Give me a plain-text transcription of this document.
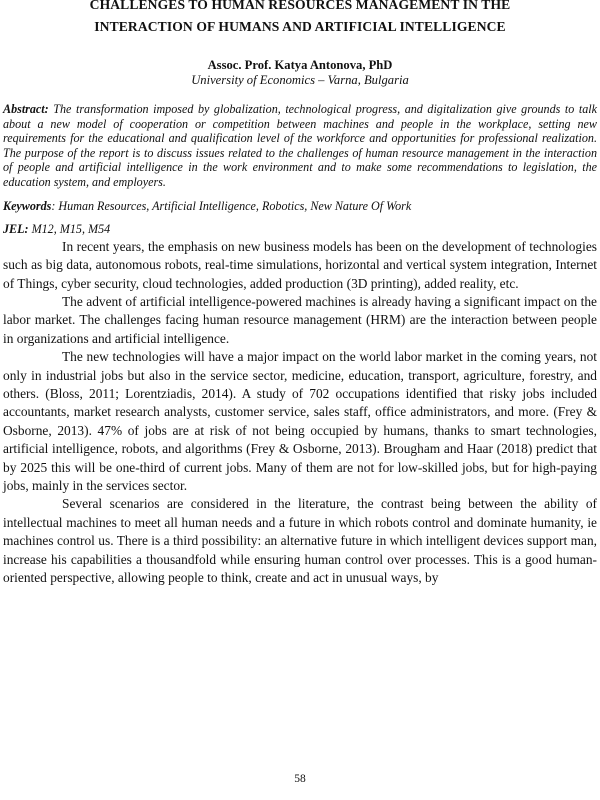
CHALLENGES TO HUMAN RESOURCES MANAGEMENT IN THE
INTERACTION OF HUMANS AND ARTIFICIAL INTELLIGENCE
Assoc. Prof. Katya Antonova, PhD
University of Economics – Varna, Bulgaria
Abstract: The transformation imposed by globalization, technological progress, and digitalization give grounds to talk about a new model of cooperation or competition between machines and people in the workplace, setting new requirements for the educational and qualification level of the workforce and opportunities for professional realization. The purpose of the report is to discuss issues related to the challenges of human resource management in the interaction of people and artificial intelligence in the work environment and to make some recommendations to legislation, the education system, and employers.
Keywords: Human Resources, Artificial Intelligence, Robotics, New Nature Of Work
JEL: M12, M15, M54

In recent years, the emphasis on new business models has been on the development of technologies such as big data, autonomous robots, real-time simulations, horizontal and vertical system integration, Internet of Things, cyber security, cloud technologies, added production (3D printing), added reality, etc.

The advent of artificial intelligence-powered machines is already having a significant impact on the labor market. The challenges facing human resource management (HRM) are the interaction between people in organizations and artificial intelligence.

The new technologies will have a major impact on the world labor market in the coming years, not only in industrial jobs but also in the service sector, medicine, education, transport, agriculture, forestry, and others. (Bloss, 2011; Lorentziadis, 2014). A study of 702 occupations identified that risky jobs included accountants, market research analysts, customer service, sales staff, office administrators, and more. (Frey & Osborne, 2013). 47% of jobs are at risk of not being occupied by humans, thanks to smart technologies, artificial intelligence, robots, and algorithms (Frey & Osborne, 2013). Brougham and Haar (2018) predict that by 2025 this will be one-third of current jobs. Many of them are not for low-skilled jobs, but for high-paying jobs, mainly in the services sector.

Several scenarios are considered in the literature, the contrast being between the ability of intellectual machines to meet all human needs and a future in which robots control and dominate humanity, ie machines control us. There is a third possibility: an alternative future in which intelligent devices support man, increase his capabilities a thousandfold while ensuring human control over processes. This is a good human-oriented perspective, allowing people to think, create and act in unusual ways, by

58
